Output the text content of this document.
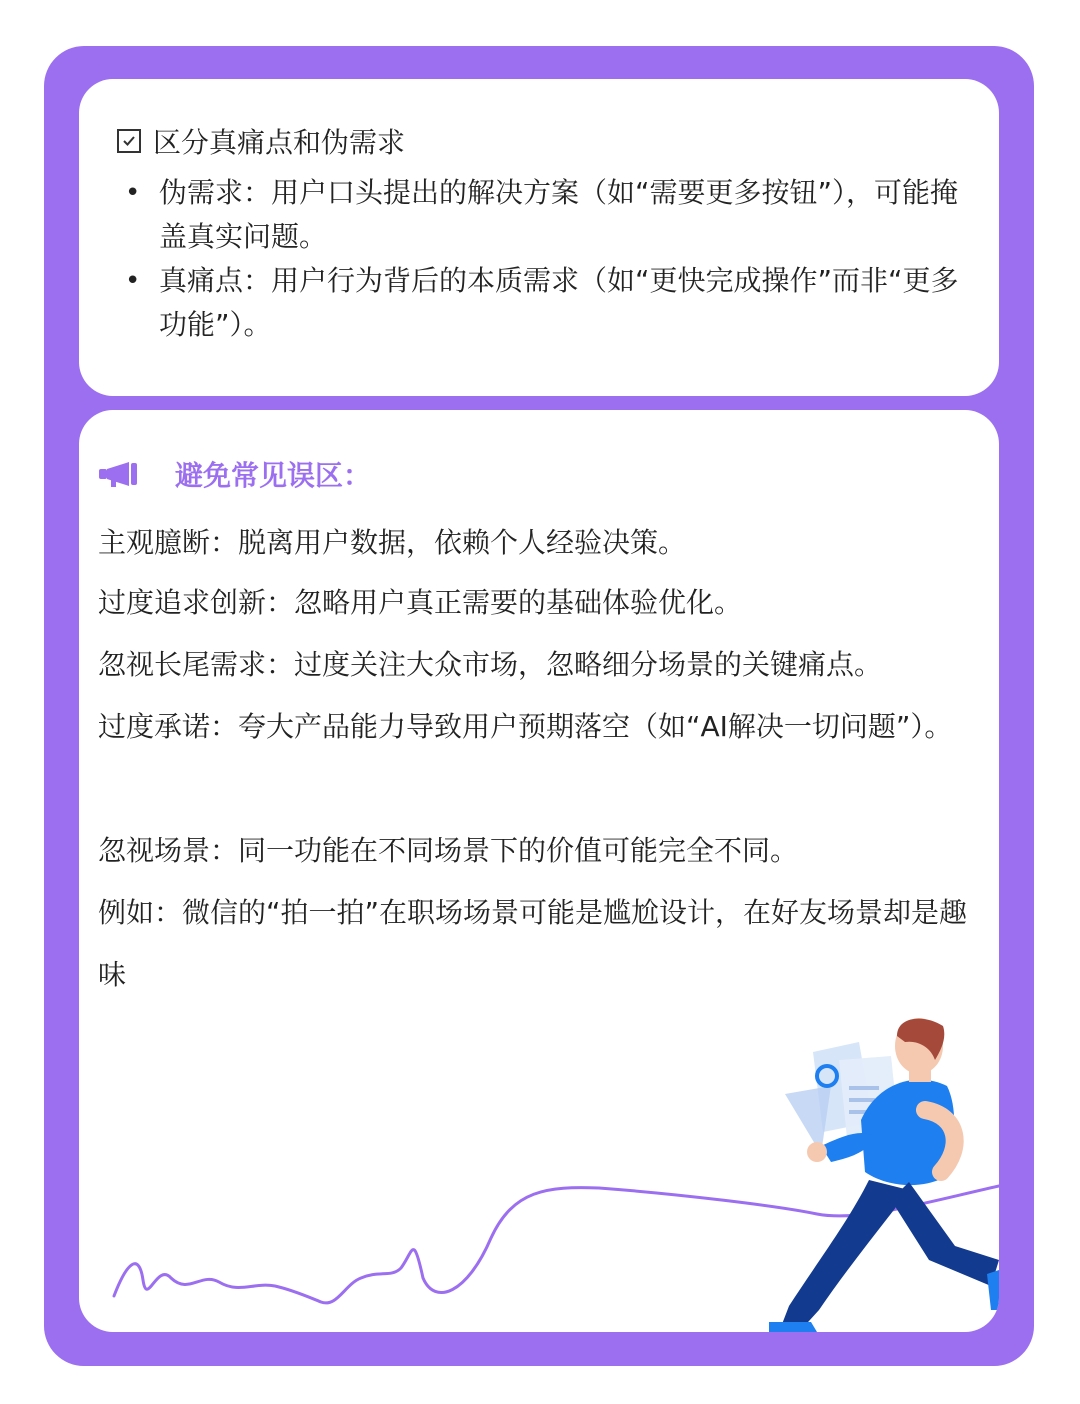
区分真痛点和伪需求
• 伪需求：用户口头提出的解决方案（如“需要更多按钮”），可能掩盖真实问题。
• 真痛点：用户行为背后的本质需求（如“更快完成操作”而非“更多功能”）。
避免常见误区：

主观臆断：脱离用户数据，依赖个人经验决策。

过度追求创新：忽略用户真正需要的基础体验优化。

忽视长尾需求：过度关注大众市场，忽略细分场景的关键痛点。

过度承诺：夸大产品能力导致用户预期落空（如“AI解决一切问题”）。

忽视场景：同一功能在不同场景下的价值可能完全不同。

例如：微信的“拍一拍”在职场场景可能是尴尬设计，在好友场景却是趣味
